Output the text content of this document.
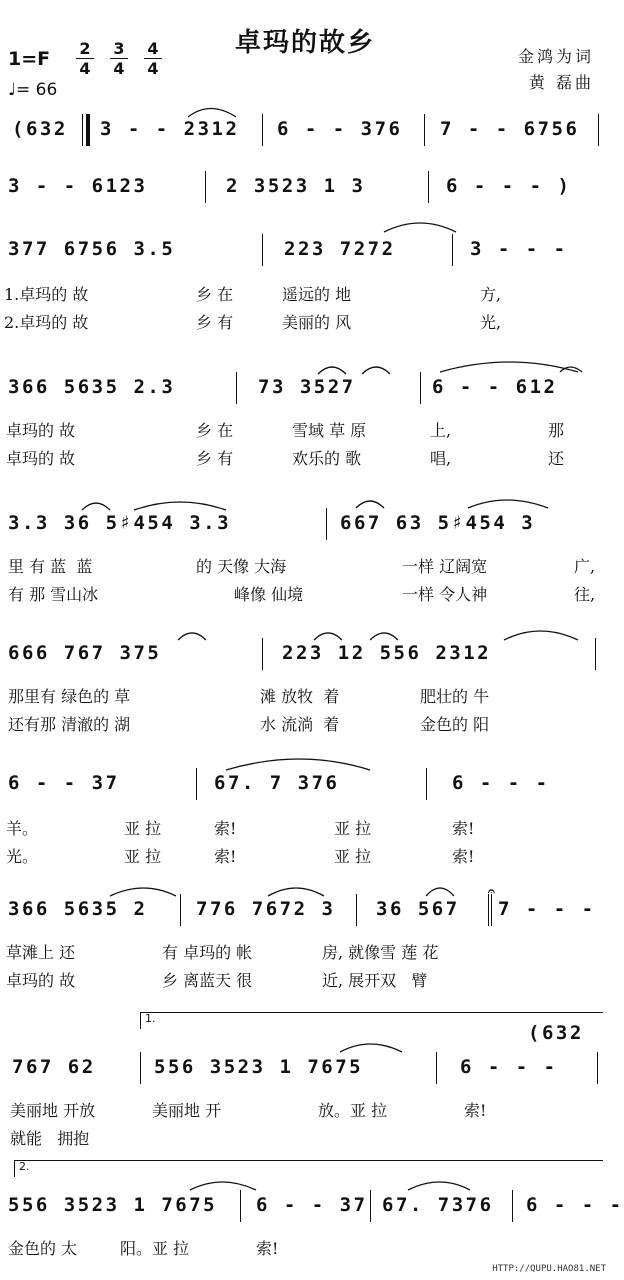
卓玛的故乡
1=F	2
4
3
4
4
4
♩= 66
金鸿为词
黄 磊曲
(632 3 - - 2312 6 - - 376 7 - - 6756
3 - - 6123	2 3523 1 3	6 - - - )
377 6756 3.5	223 7272	3 - - -
1.卓玛的 故	乡 在	遥远的 地	方,
2.卓玛的 故	乡 有	美丽的 风	光,
366 5635 2.3	73 3527	6 - - 612
卓玛的 故	乡 在	雪域 草 原	上,	那
卓玛的 故	乡 有	欢乐的 歌	唱,	还
3.3 36 5♯454 3.3	667 63 5♯454 3
里 有 蓝  蓝	的 天像 大海	一样 辽阔宽	广,
有 那 雪山冰	峰像 仙境	一样 令人神	往,
666 767 375	223 12 556 2312
那里有 绿色的 草	滩 放牧  着	肥壮的 牛
还有那 清澈的 湖	水 流淌  着	金色的 阳
6 - - 37	67. 7 376	6 - - -
羊。	亚 拉	索!	亚 拉	索!
光。	亚 拉	索!	亚 拉	索!
366 5635 2	776 7672 3 36 567 7 - - -
草滩上 还	有 卓玛的 帐	房, 就像雪 莲 花
卓玛的 故	乡 离蓝天 很	近, 展开双   臂
767 62	556 3523 1 7675	6 - - -
美丽地 开放	美丽地 开	放。亚 拉	索!
就能   拥抱
556 3523 1 7675 6 - - 37 67. 7376 6 - - -
金色的 太	阳。亚 拉	索!
1.
2.
(632
𝄐
HTTP://QUPU.HAO81.NET
